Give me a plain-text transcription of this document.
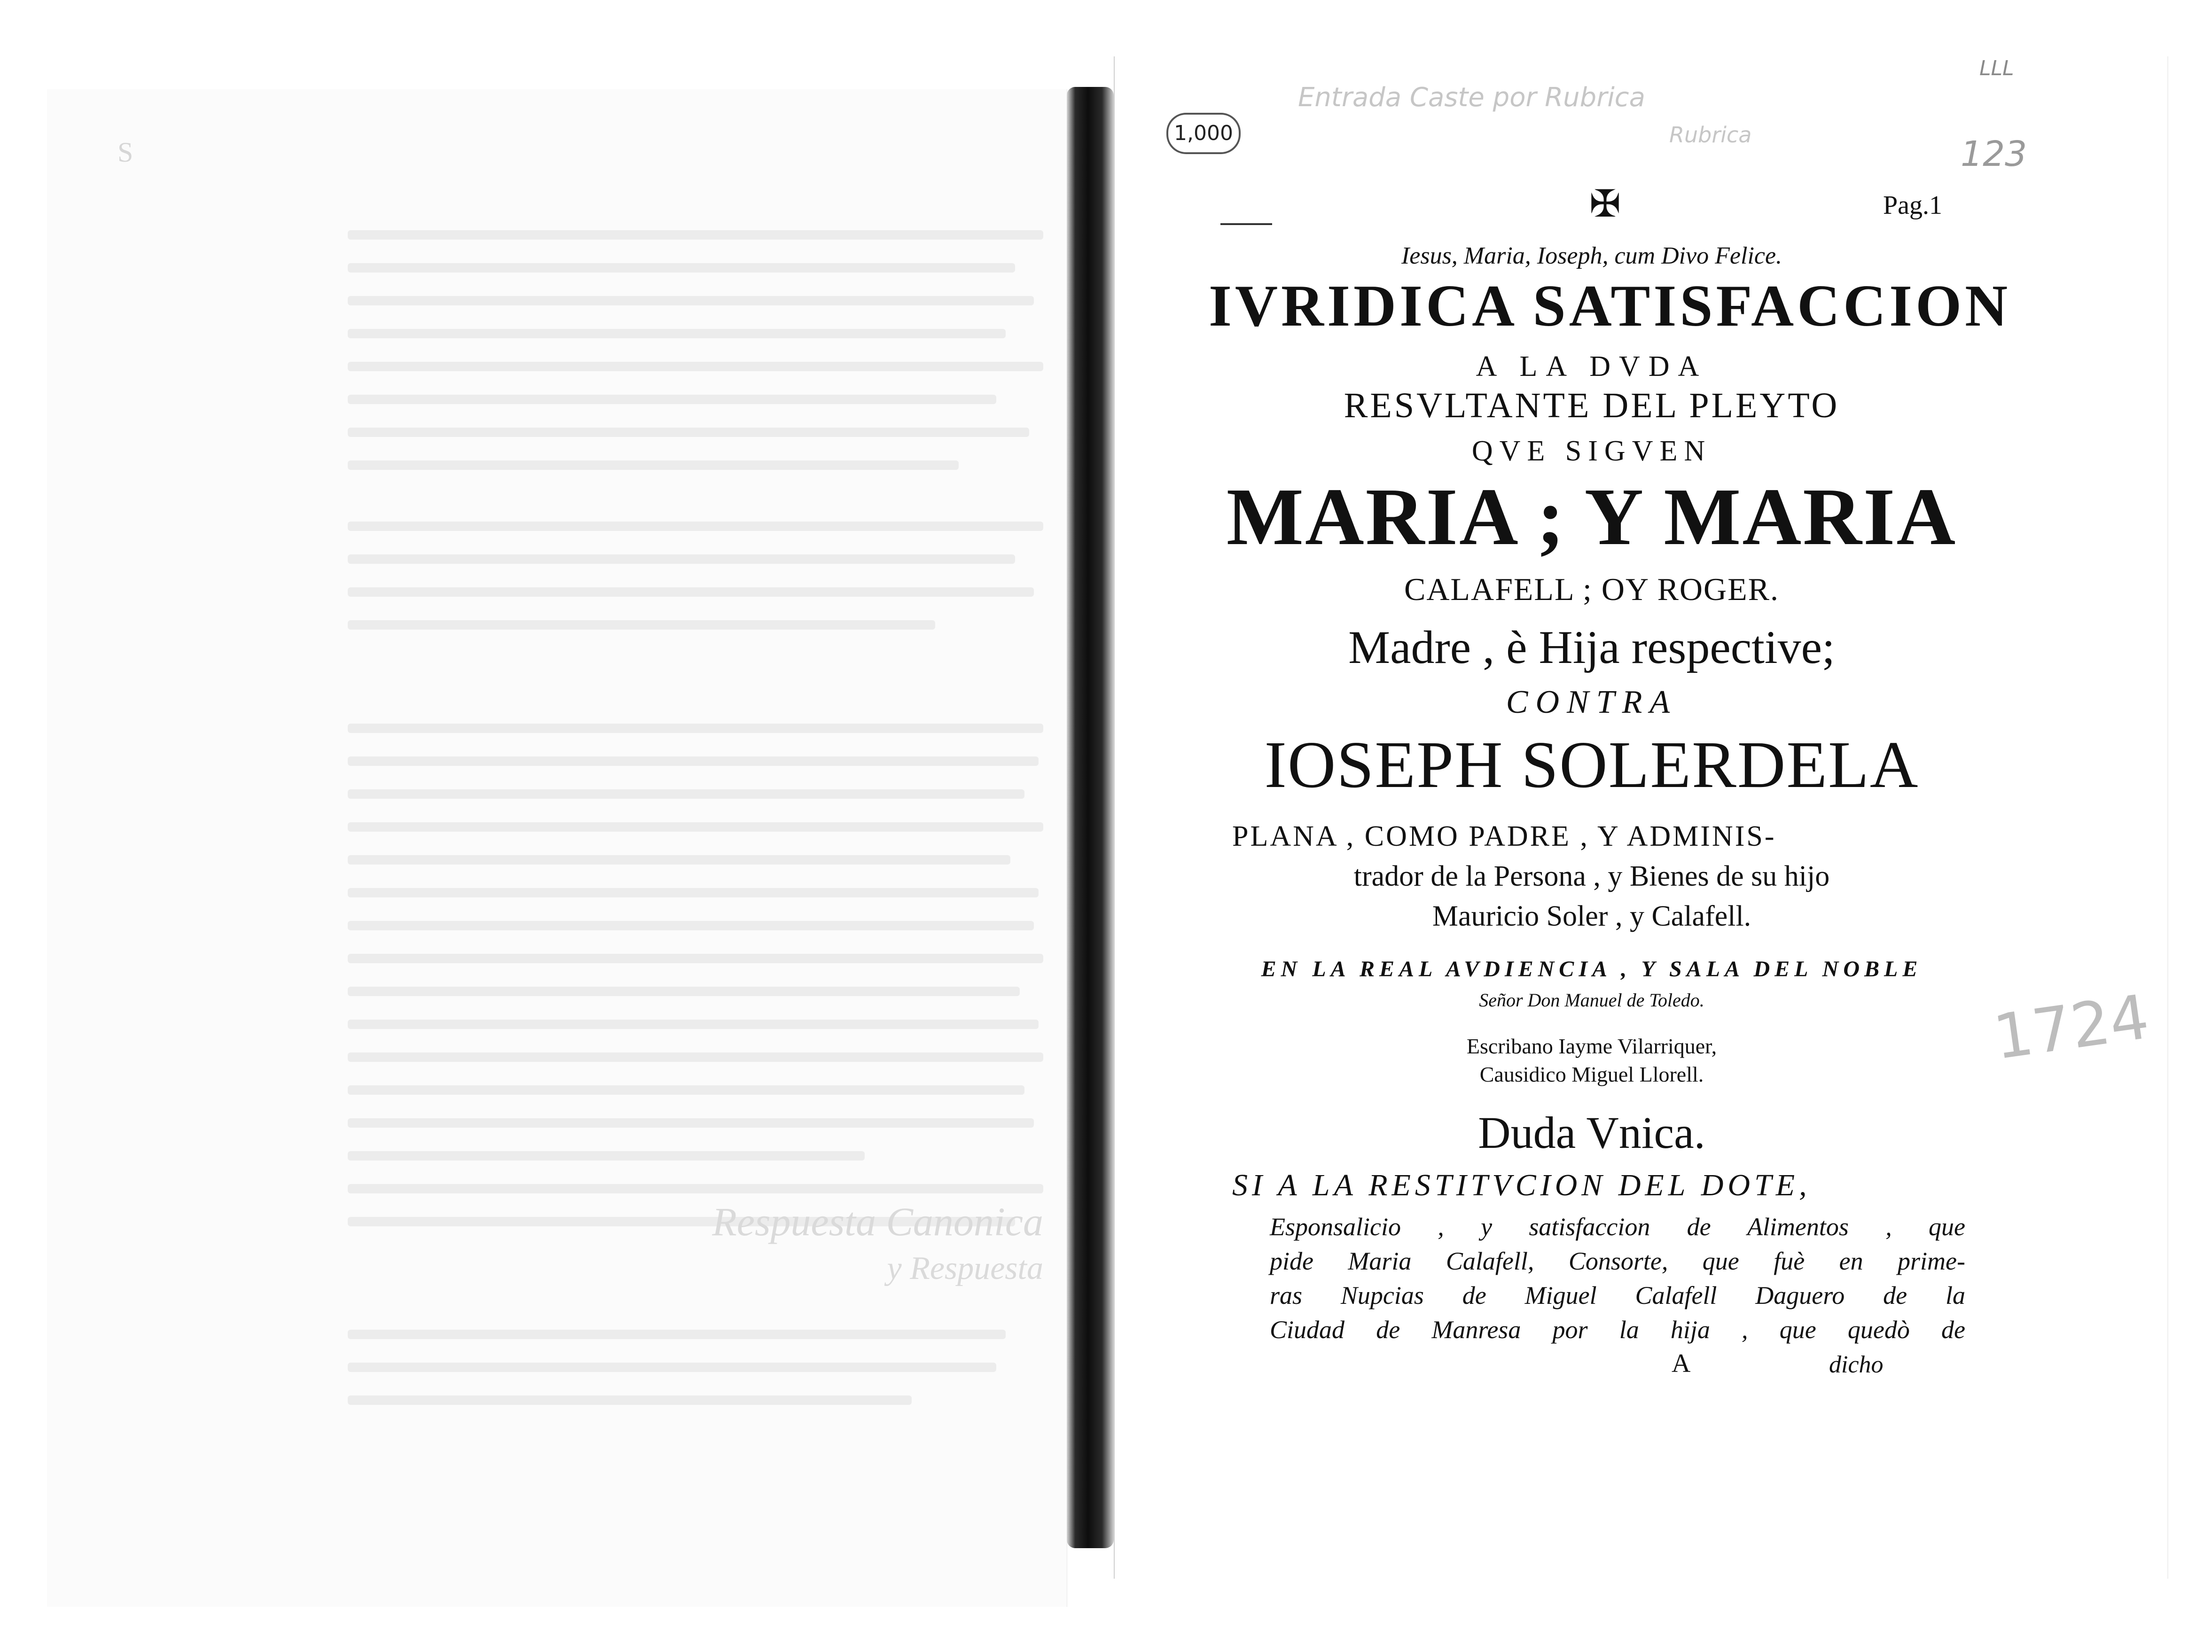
S
Respuesta Canonica
y Respuesta
Entrada Caste por Rubrica
Rubrica	123
LLL
1,000
✠	Pag.1
Iesus, Maria, Ioseph, cum Divo Felice.
IVRIDICA SATISFACCION
A LA DVDA
RESVLTANTE DEL PLEYTO
QVE SIGVEN
MARIA ; Y MARIA
CALAFELL ; OY ROGER.
Madre , è Hija respective;
CONTRA
IOSEPH SOLERDELA
PLANA , COMO PADRE , Y ADMINIS-
trador de la Persona , y Bienes de su hijo
Mauricio Soler , y Calafell.
EN LA REAL AVDIENCIA , Y SALA DEL NOBLE
Señor Don Manuel de Toledo.
Escribano Iayme Vilarriquer,
Causidico Miguel Llorell.
Duda Vnica.
SI A LA RESTITVCION DEL DOTE,
Esponsalicio , y satisfaccion de Alimentos , que
pide Maria Calafell, Consorte, que fuè en prime-
ras Nupcias de Miguel Calafell Daguero de la
Ciudad de Manresa por la hija , que quedò de
A	dicho
1724
